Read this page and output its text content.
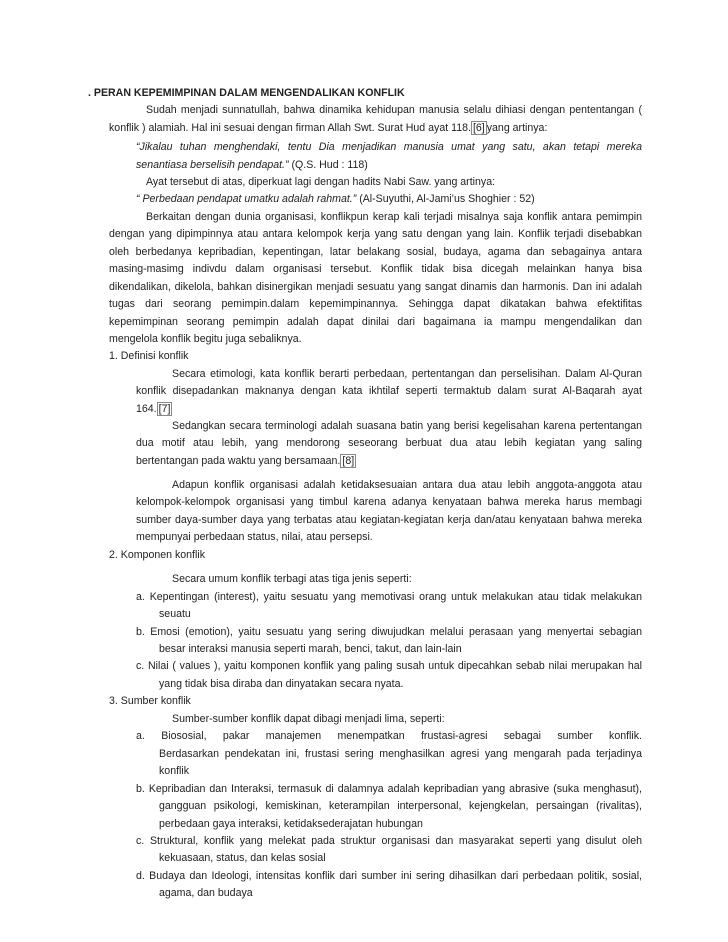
. PERAN KEPEMIMPINAN DALAM MENGENDALIKAN KONFLIK
Sudah menjadi sunnatullah, bahwa dinamika kehidupan manusia selalu dihiasi dengan pententangan (
konflik ) alamiah. Hal ini sesuai dengan firman Allah Swt. Surat Hud ayat 118. [6] yang artinya:
“Jikalau tuhan menghendaki, tentu Dia menjadikan manusia umat yang satu, akan tetapi mereka
senantiasa berselisih pendapat.” (Q.S. Hud : 118)
Ayat tersebut di atas, diperkuat lagi dengan hadits Nabi Saw. yang artinya:
“ Perbedaan pendapat umatku adalah rahmat.” (Al-Suyuthi, Al-Jami’us Shoghier : 52)
Berkaitan dengan dunia organisasi, konflikpun kerap kali terjadi misalnya saja konflik antara pemimpin
dengan yang dipimpinnya atau antara kelompok kerja yang satu dengan yang lain. Konflik terjadi disebabkan
oleh berbedanya kepribadian, kepentingan, latar belakang sosial, budaya, agama dan sebagainya antara
masing-masimg indivdu dalam organisasi tersebut. Konflik tidak bisa dicegah melainkan hanya bisa
dikendalikan, dikelola, bahkan disinergikan menjadi sesuatu yang sangat dinamis dan harmonis. Dan ini adalah
tugas dari seorang pemimpin.dalam kepemimpinannya. Sehingga dapat dikatakan bahwa efektifitas
kepemimpinan seorang pemimpin adalah dapat dinilai dari bagaimana ia mampu mengendalikan dan
mengelola konflik begitu juga sebaliknya.
1. Definisi konflik
Secara etimologi, kata konflik berarti perbedaan, pertentangan dan perselisihan. Dalam Al-Quran
konflik disepadankan maknanya dengan kata ikhtilaf seperti termaktub dalam surat Al-Baqarah ayat
164. [7]
Sedangkan secara terminologi adalah suasana batin yang berisi kegelisahan karena pertentangan
dua motif atau lebih, yang mendorong seseorang berbuat dua atau lebih kegiatan yang saling
bertentangan pada waktu yang bersamaan. [8]
Adapun konflik organisasi adalah ketidaksesuaian antara dua atau lebih anggota-anggota atau
kelompok-kelompok organisasi yang timbul karena adanya kenyataan bahwa mereka harus membagi
sumber daya-sumber daya yang terbatas atau kegiatan-kegiatan kerja dan/atau kenyataan bahwa mereka
mempunyai perbedaan status, nilai, atau persepsi.
2. Komponen konflik
Secara umum konflik terbagi atas tiga jenis seperti:
a. Kepentingan (interest), yaitu sesuatu yang memotivasi orang untuk melakukan atau tidak melakukan
seuatu
b. Emosi (emotion), yaitu sesuatu yang sering diwujudkan melalui perasaan yang menyertai sebagian
besar interaksi manusia seperti marah, benci, takut, dan lain-lain
c. Nilai ( values ), yaitu komponen konflik yang paling susah untuk dipecahkan sebab nilai merupakan hal
yang tidak bisa diraba dan dinyatakan secara nyata.
3. Sumber konflik
Sumber-sumber konflik dapat dibagi menjadi lima, seperti:
a. Biososial, pakar manajemen menempatkan frustasi-agresi sebagai sumber konflik.
Berdasarkan pendekatan ini, frustasi sering menghasilkan agresi yang mengarah pada terjadinya
konflik
b. Kepribadian dan Interaksi, termasuk di dalamnya adalah kepribadian yang abrasive (suka menghasut),
gangguan psikologi, kemiskinan, keterampilan interpersonal, kejengkelan, persaingan (rivalitas),
perbedaan gaya interaksi, ketidaksederajatan hubungan
c. Struktural, konflik yang melekat pada struktur organisasi dan masyarakat seperti yang disulut oleh
kekuasaan, status, dan kelas sosial
d. Budaya dan Ideologi, intensitas konflik dari sumber ini sering dihasilkan dari perbedaan politik, sosial,
agama, dan budaya
